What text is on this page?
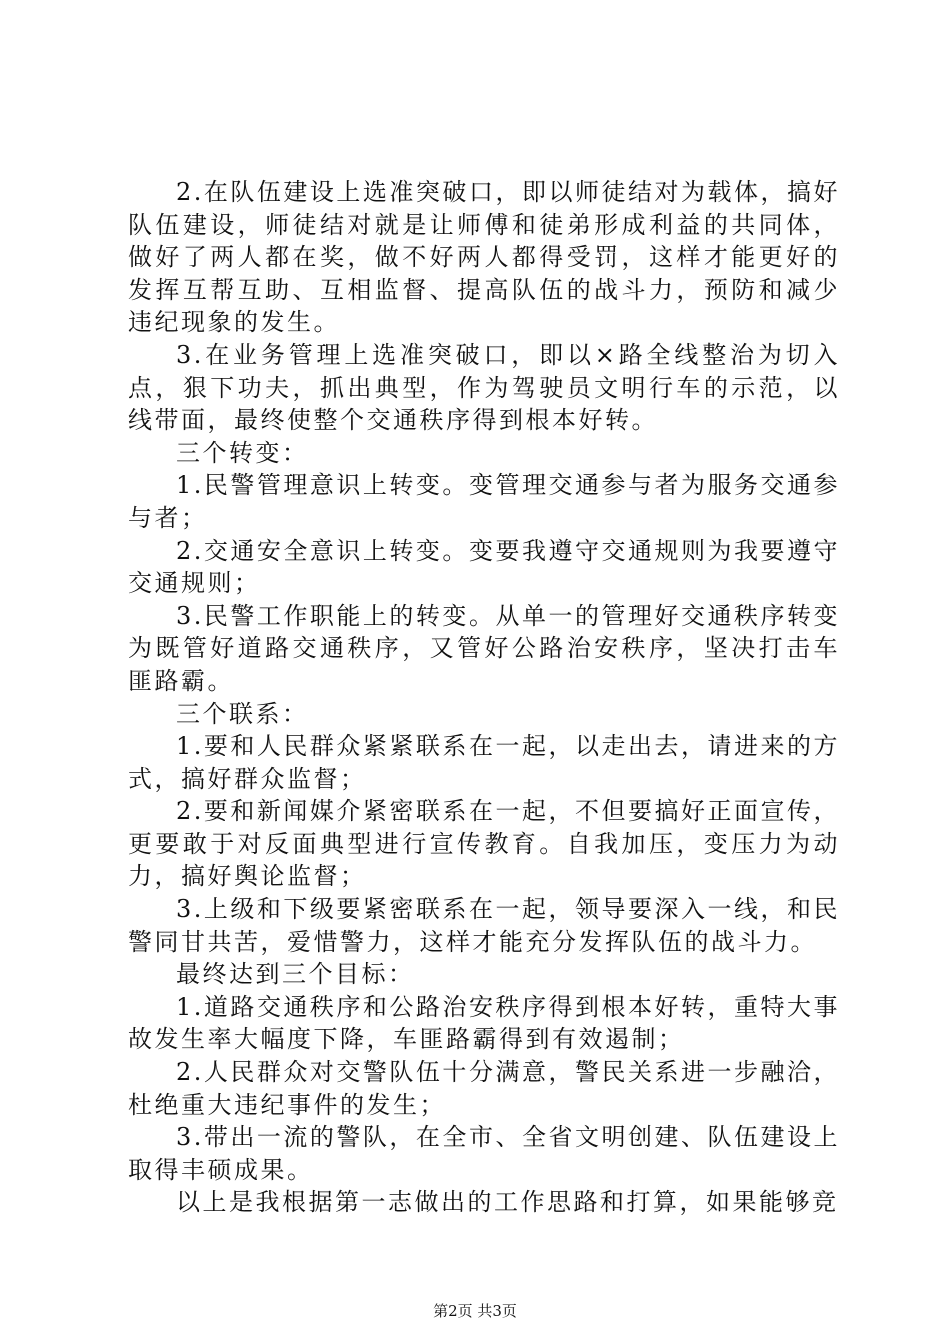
2.在队伍建设上选准突破口，即以师徒结对为载体，搞好队伍建设，师徒结对就是让师傅和徒弟形成利益的共同体，做好了两人都在奖，做不好两人都得受罚，这样才能更好的发挥互帮互助、互相监督、提高队伍的战斗力，预防和减少违纪现象的发生。

3.在业务管理上选准突破口，即以×路全线整治为切入点，狠下功夫，抓出典型，作为驾驶员文明行车的示范，以线带面，最终使整个交通秩序得到根本好转。

三个转变：

1.民警管理意识上转变。变管理交通参与者为服务交通参与者；

2.交通安全意识上转变。变要我遵守交通规则为我要遵守交通规则；

3.民警工作职能上的转变。从单一的管理好交通秩序转变为既管好道路交通秩序，又管好公路治安秩序，坚决打击车匪路霸。

三个联系：

1.要和人民群众紧紧联系在一起，以走出去，请进来的方式，搞好群众监督；

2.要和新闻媒介紧密联系在一起，不但要搞好正面宣传，更要敢于对反面典型进行宣传教育。自我加压，变压力为动力，搞好舆论监督；

3.上级和下级要紧密联系在一起，领导要深入一线，和民警同甘共苦，爱惜警力，这样才能充分发挥队伍的战斗力。

最终达到三个目标：

1.道路交通秩序和公路治安秩序得到根本好转，重特大事故发生率大幅度下降，车匪路霸得到有效遏制；

2.人民群众对交警队伍十分满意，警民关系进一步融洽，杜绝重大违纪事件的发生；

3.带出一流的警队，在全市、全省文明创建、队伍建设上取得丰硕成果。

以上是我根据第一志做出的工作思路和打算，如果能够竞

第2页 共3页
